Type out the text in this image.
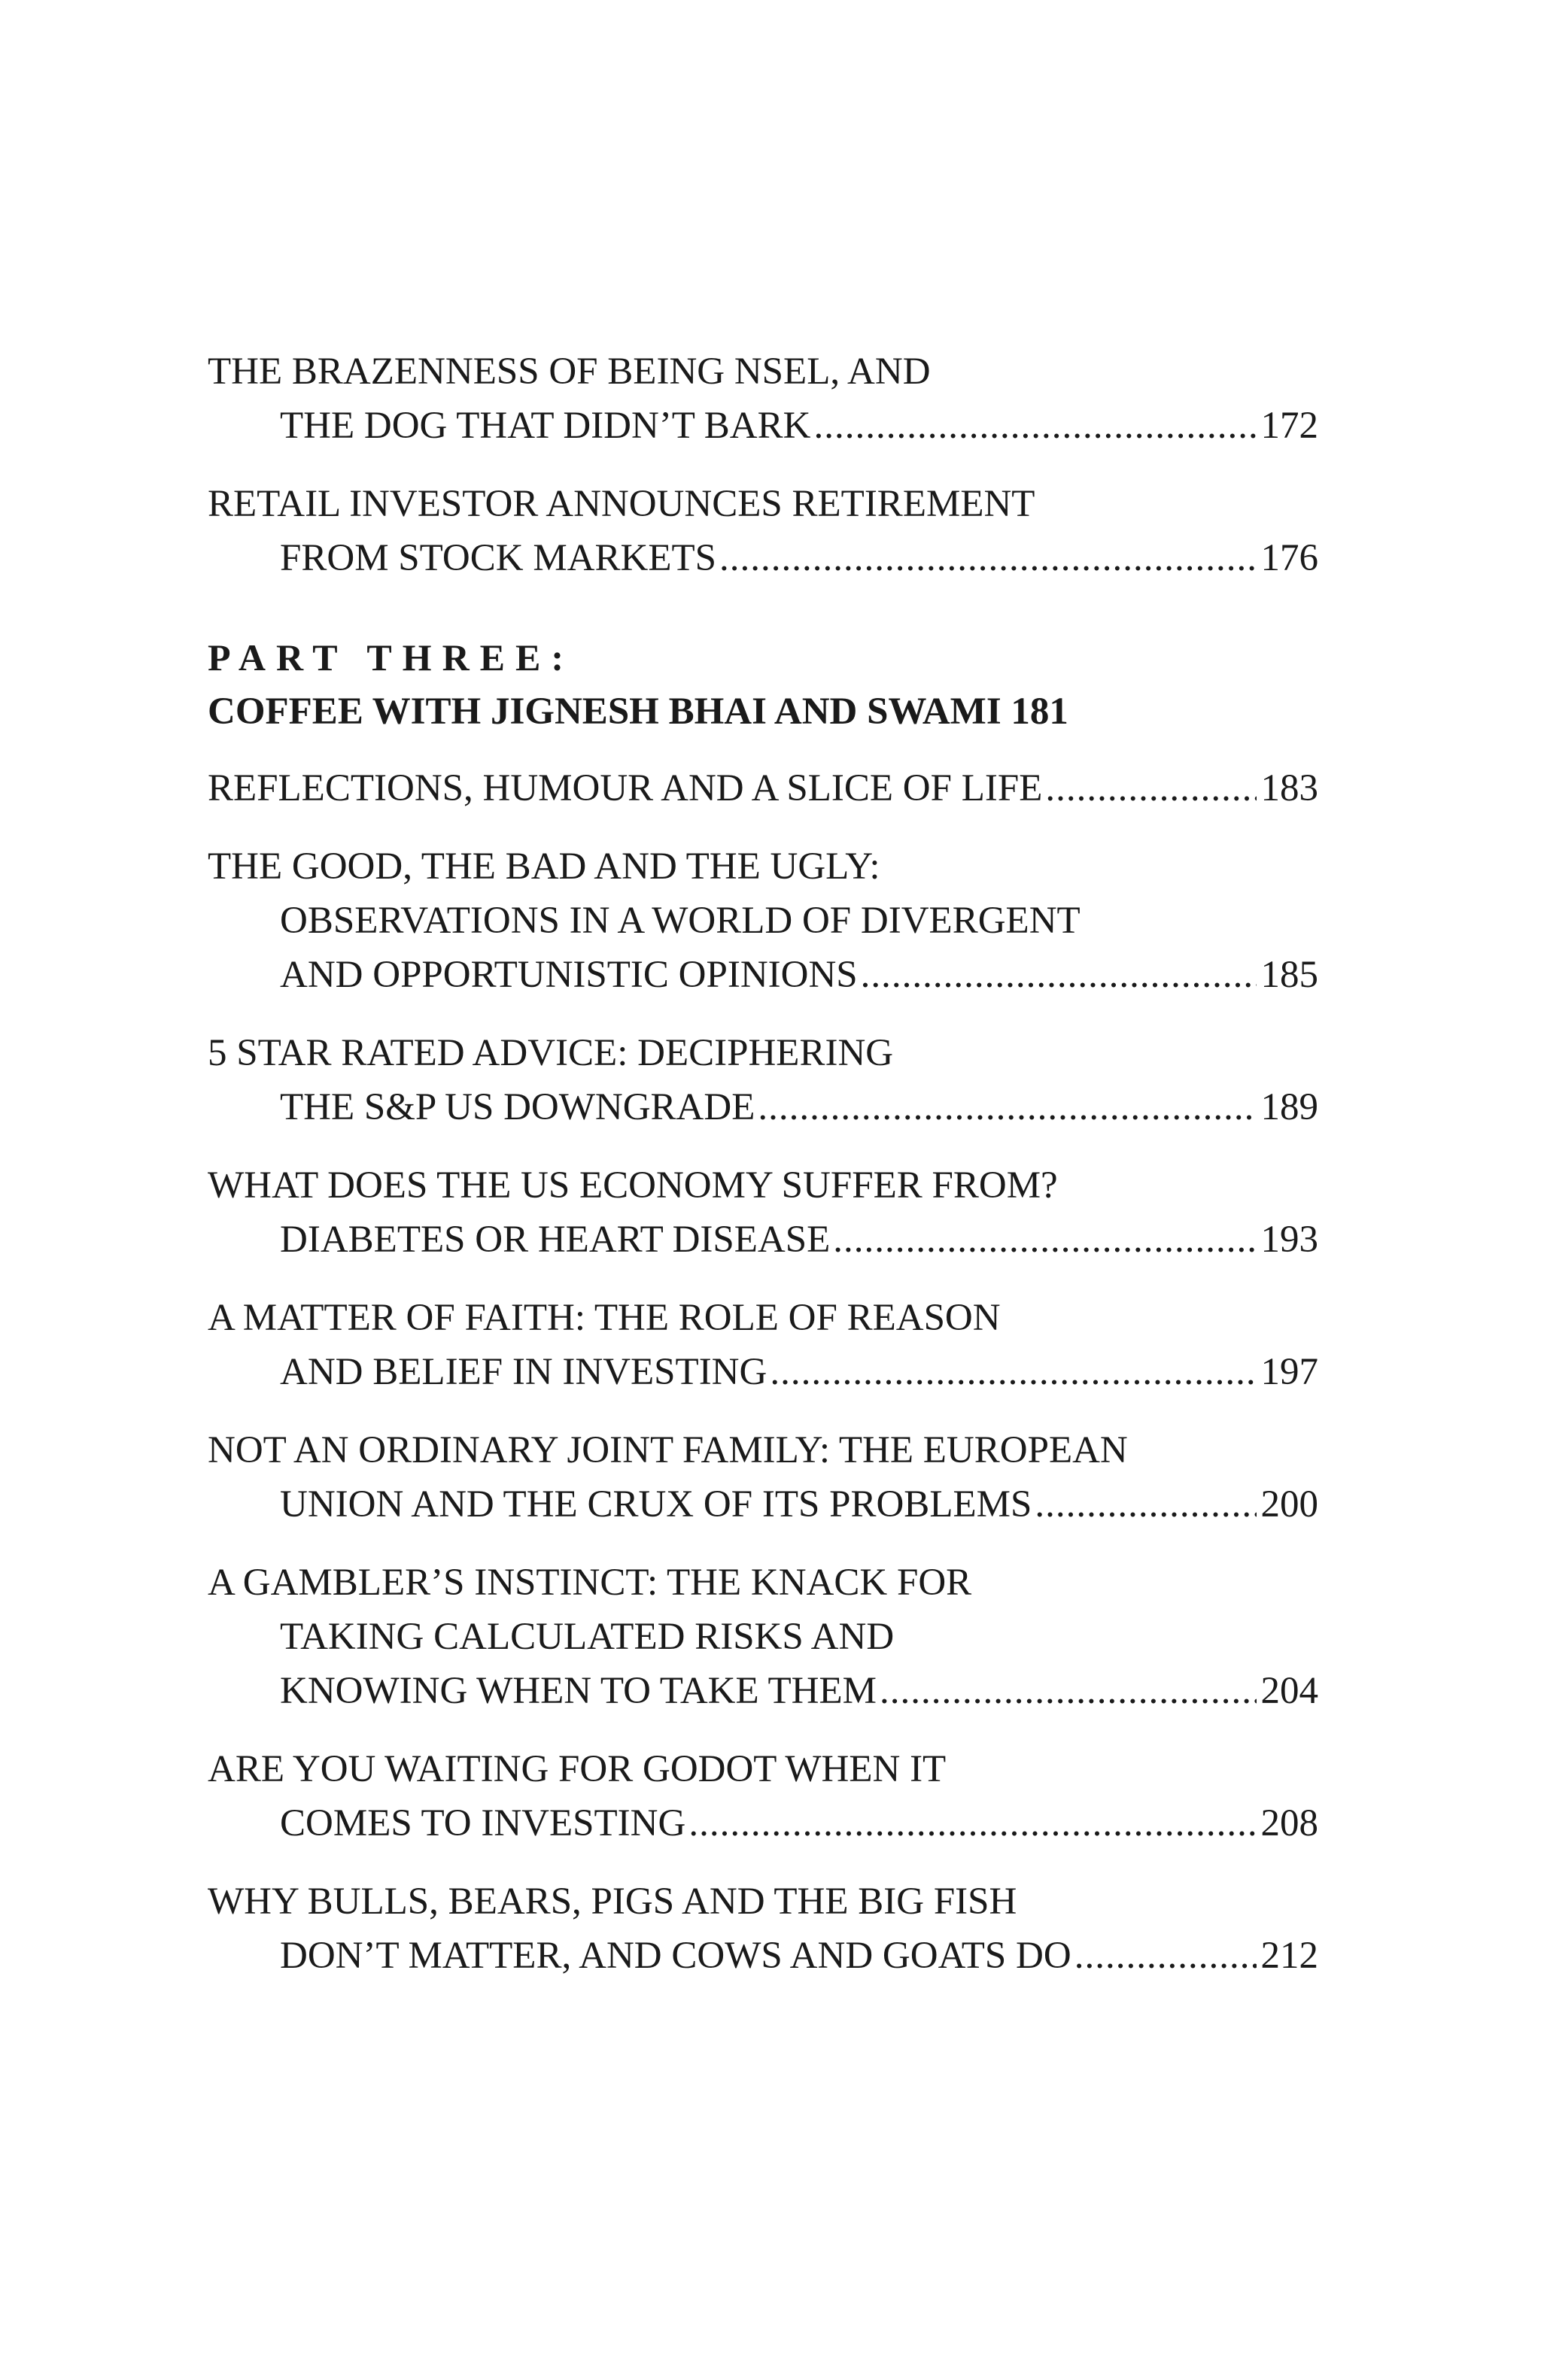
THE BRAZENNESS OF BEING NSEL, AND
THE DOG THAT DIDN’T BARK .....	172
RETAIL INVESTOR ANNOUNCES RETIREMENT
FROM STOCK MARKETS .....	176
PART THREE:
COFFEE WITH JIGNESH BHAI AND SWAMI 181
REFLECTIONS, HUMOUR AND A SLICE OF LIFE .....	183
THE GOOD, THE BAD AND THE UGLY:
OBSERVATIONS IN A WORLD OF DIVERGENT
AND OPPORTUNISTIC OPINIONS .....	185
5 STAR RATED ADVICE: DECIPHERING
THE S&P US DOWNGRADE .....	189
WHAT DOES THE US ECONOMY SUFFER FROM?
DIABETES OR HEART DISEASE .....	193
A MATTER OF FAITH: THE ROLE OF REASON
AND BELIEF IN INVESTING .....	197
NOT AN ORDINARY JOINT FAMILY: THE EUROPEAN
UNION AND THE CRUX OF ITS PROBLEMS .....	200
A GAMBLER’S INSTINCT: THE KNACK FOR
TAKING CALCULATED RISKS AND
KNOWING WHEN TO TAKE THEM .....	204
ARE YOU WAITING FOR GODOT WHEN IT
COMES TO INVESTING .....	208
WHY BULLS, BEARS, PIGS AND THE BIG FISH
DON’T MATTER, AND COWS AND GOATS DO .....	212
